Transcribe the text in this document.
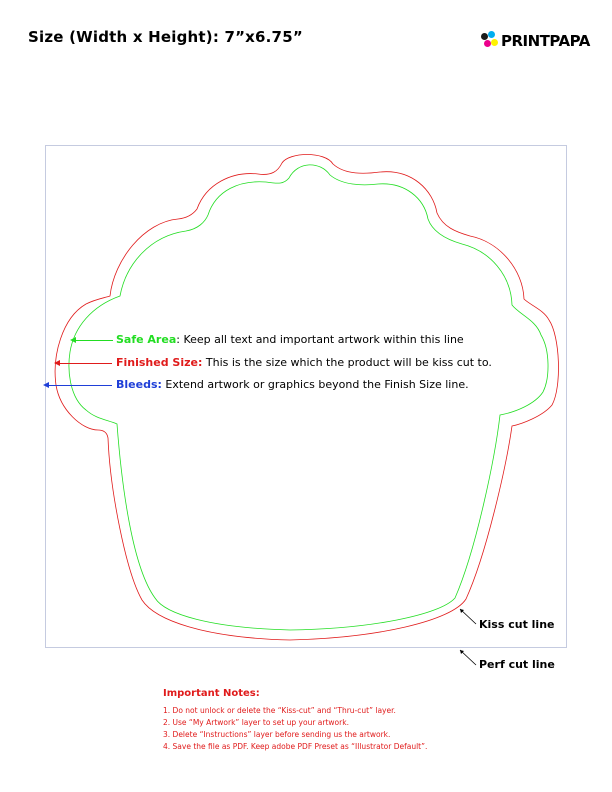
Size (Width x Height): 7”x6.75”	PRINTPAPA
Safe Area: Keep all text and important artwork within this line
Finished Size: This is the size which the product will be kiss cut to.
Bleeds: Extend artwork or graphics beyond the Finish Size line.
Kiss cut line
Perf cut line
Important Notes:
1. Do not unlock or delete the “Kiss-cut” and “Thru-cut” layer.
2. Use “My Artwork” layer to set up your artwork.
3. Delete “Instructions” layer before sending us the artwork.
4. Save the file as PDF. Keep adobe PDF Preset as “Illustrator Default”.
